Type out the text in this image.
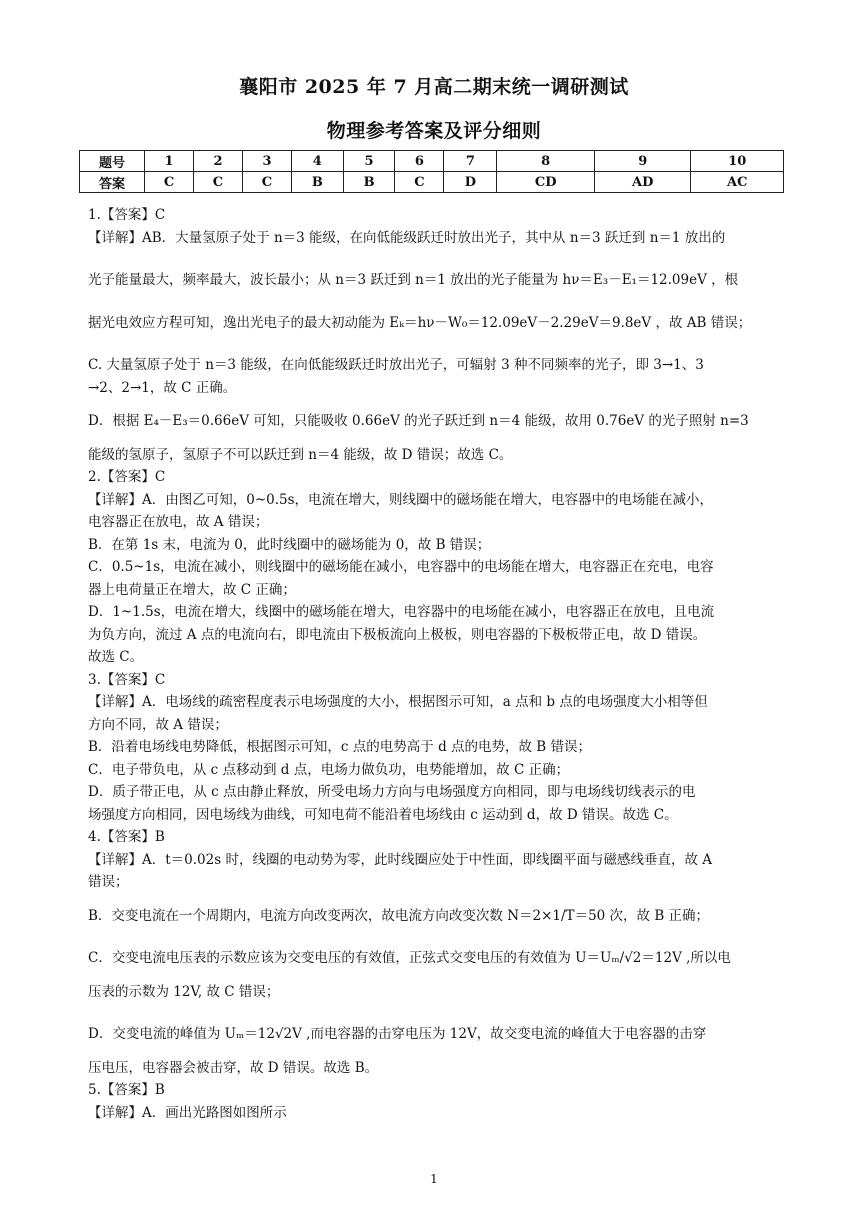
襄阳市 2025 年 7 月高二期末统一调研测试
物理参考答案及评分细则
题号	1	2	3	4	5	6	7	8	9	10
答案	C	C	C	B	B	C	D	CD	AD	AC

1.【答案】C

【详解】AB．大量氢原子处于 n＝3 能级，在向低能级跃迁时放出光子，其中从 n＝3 跃迁到 n＝1 放出的

光子能量最大，频率最大，波长最小；从 n＝3 跃迁到 n＝1 放出的光子能量为 hν＝E₃－E₁＝12.09eV ，根

据光电效应方程可知，逸出光电子的最大初动能为 Eₖ＝hν－W₀＝12.09eV－2.29eV＝9.8eV ，故 AB 错误；

C. 大量氢原子处于 n＝3 能级，在向低能级跃迁时放出光子，可辐射 3 种不同频率的光子，即 3→1、3

→2、2→1，故 C 正确。

D．根据 E₄－E₃＝0.66eV 可知，只能吸收 0.66eV 的光子跃迁到 n＝4 能级，故用 0.76eV 的光子照射 n=3

能级的氢原子，氢原子不可以跃迁到 n＝4 能级，故 D 错误；故选 C。

2.【答案】C

【详解】A．由图乙可知，0~0.5s，电流在增大，则线圈中的磁场能在增大，电容器中的电场能在减小，

电容器正在放电，故 A 错误；

B．在第 1s 末，电流为 0，此时线圈中的磁场能为 0，故 B 错误；

C．0.5~1s，电流在减小，则线圈中的磁场能在减小，电容器中的电场能在增大，电容器正在充电，电容

器上电荷量正在增大，故 C 正确；

D．1~1.5s，电流在增大，线圈中的磁场能在增大，电容器中的电场能在减小，电容器正在放电，且电流

为负方向，流过 A 点的电流向右，即电流由下极板流向上极板，则电容器的下极板带正电，故 D 错误。

故选 C。

3.【答案】C

【详解】A．电场线的疏密程度表示电场强度的大小，根据图示可知，a 点和 b 点的电场强度大小相等但

方向不同，故 A 错误；

B．沿着电场线电势降低，根据图示可知，c 点的电势高于 d 点的电势，故 B 错误；

C．电子带负电，从 c 点移动到 d 点，电场力做负功，电势能增加，故 C 正确；

D．质子带正电，从 c 点由静止释放，所受电场力方向与电场强度方向相同，即与电场线切线表示的电

场强度方向相同，因电场线为曲线，可知电荷不能沿着电场线由 c 运动到 d，故 D 错误。故选 C。

4.【答案】B

【详解】A．t＝0.02s 时，线圈的电动势为零，此时线圈应处于中性面，即线圈平面与磁感线垂直，故 A

错误；

B．交变电流在一个周期内，电流方向改变两次，故电流方向改变次数 N＝2×1/T＝50 次，故 B 正确；

C．交变电流电压表的示数应该为交变电压的有效值，正弦式交变电压的有效值为 U＝Uₘ/√2＝12V ,所以电

压表的示数为 12V, 故 C 错误；

D．交变电流的峰值为 Uₘ＝12√2V ,而电容器的击穿电压为 12V，故交变电流的峰值大于电容器的击穿

压电压，电容器会被击穿，故 D 错误。故选 B。

5.【答案】B

【详解】A．画出光路图如图所示

1
